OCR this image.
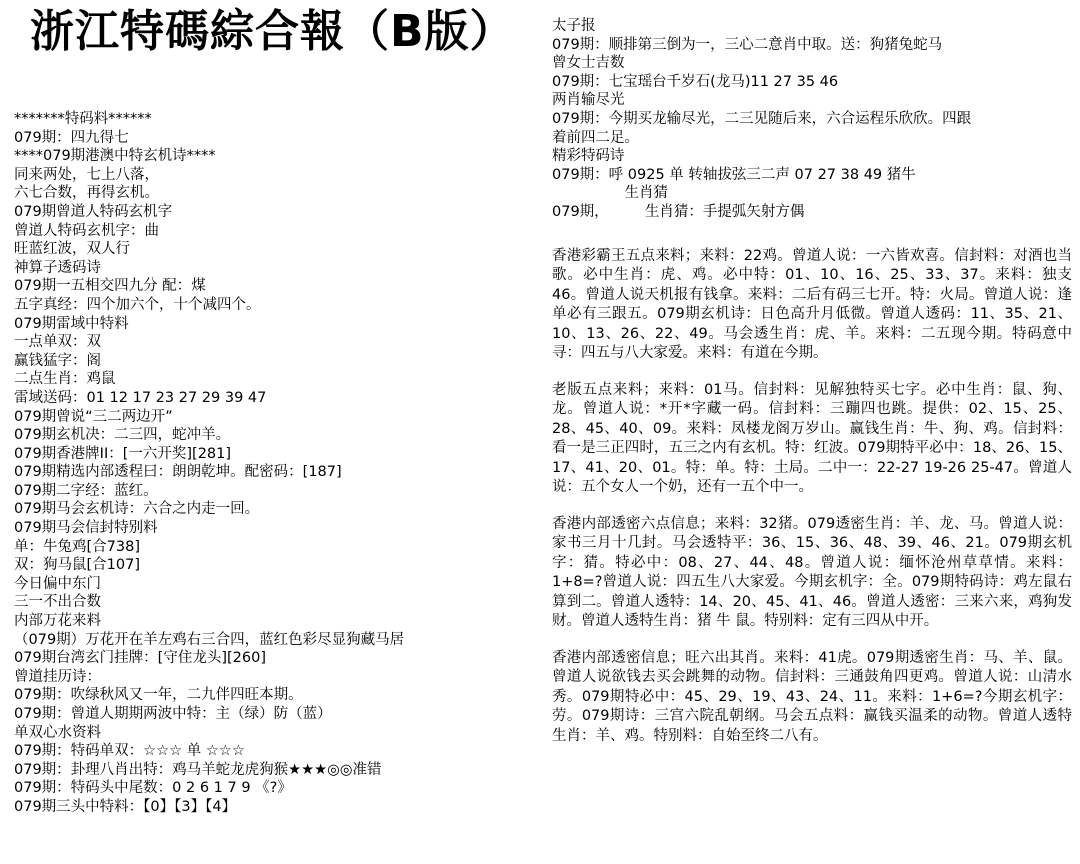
浙江特碼綜合報（B版）
*******特码料******
079期：四九得七
****079期港澳中特玄机诗****
同来两处，七上八落，
六七合数，再得玄机。
079期曾道人特码玄机字
曾道人特码玄机字：曲
旺蓝红波，双人行
神算子透码诗
079期一五相交四九分 配：煤
五字真经：四个加六个，十个减四个。
079期雷域中特料
一点单双：双
赢钱猛字：阁
二点生肖：鸡鼠
雷域送码：01 12 17 23 27 29 39 47
079期曾说“三二两边开”
079期玄机决：二三四，蛇冲羊。
079期香港牌II：[一六开奖][281]
079期精选内部透程曰：朗朗乾坤。配密码：[187]
079期二字经：蓝红。
079期马会玄机诗：六合之内走一回。
079期马会信封特别料
单：牛兔鸡[合738]
双：狗马鼠[合107]
今日偏中东门
三一不出合数
内部万花来料
（079期）万花开在羊左鸡右三合四，蓝红色彩尽显狗藏马居
079期台湾玄门挂牌：[守住龙头][260]
曾道挂历诗：
079期：吹绿秋风又一年，二九伴四旺本期。
079期：曾道人期期两波中特：主（绿）防（蓝）
单双心水资料
079期：特码单双：☆☆☆ 单 ☆☆☆
079期：卦理八肖出特：鸡马羊蛇龙虎狗猴★★★◎◎准错
079期：特码头中尾数：0 2 6 1 7 9 《?》
079期三头中特料：【0】【3】【4】
太子报
079期：顺排第三倒为一，三心二意肖中取。送：狗猪兔蛇马
曾女士吉数
079期：七宝瑶台千岁石(龙马)11 27 35 46
两肖输尽光
079期：今期买龙输尽光，二三见随后来，六合运程乐欣欣。四跟
着前四二足。
精彩特码诗
079期：呼 0925 单 转轴拔弦三二声 07 27 38 49 猪牛
　　　　　生肖猜
079期，　　　生肖猜：手提弧矢射方偶

香港彩霸王五点来料；来料：22鸡。曾道人说：一六皆欢喜。信封料：对酒也当歌。必中生肖：虎、鸡。必中特：01、10、16、25、33、37。来料：独支46。曾道人说天机报有钱拿。来料：二后有码三七开。特：火局。曾道人说：逢单必有三跟五。079期玄机诗：日色高升月低微。曾道人透码：11、35、21、10、13、26、22、49。马会透生肖：虎、羊。来料：二五现今期。特码意中寻：四五与八大家爱。来料：有道在今期。

老版五点来料；来料：01马。信封料：见解独特买七字。必中生肖：鼠、狗、龙。曾道人说：*开*字藏一码。信封料：三蹦四也跳。提供：02、15、25、28、45、40、09。来料：凤楼龙阁万岁山。赢钱生肖：牛、狗、鸡。信封料：看一是三正四时，五三之内有玄机。特：红波。079期特平必中：18、26、15、17、41、20、01。特：单。特：土局。二中一：22-27 19-26 25-47。曾道人说：五个女人一个奶，还有一五个中一。

香港内部透密六点信息；来料：32猪。079透密生肖：羊、龙、马。曾道人说：家书三月十几封。马会透特平：36、15、36、48、39、46、21。079期玄机字：猜。特必中：08、27、44、48。曾道人说：缅怀沧州草草情。来料：1+8=?曾道人说：四五生八大家爱。今期玄机字：全。079期特码诗：鸡左鼠右算到二。曾道人透特：14、20、45、41、46。曾道人透密：三来六来，鸡狗发财。曾道人透特生肖：猪 牛 鼠。特别料：定有三四从中开。

香港内部透密信息；旺六出其肖。来料：41虎。079期透密生肖：马、羊、鼠。曾道人说欲钱去买会跳舞的动物。信封料：三通鼓角四更鸡。曾道人说：山清水秀。079期特必中：45、29、19、43、24、11。来料：1+6=?今期玄机字：劳。079期诗：三宫六院乱朝纲。马会五点料：赢钱买温柔的动物。曾道人透特生肖：羊、鸡。特别料：自始至终二八有。
